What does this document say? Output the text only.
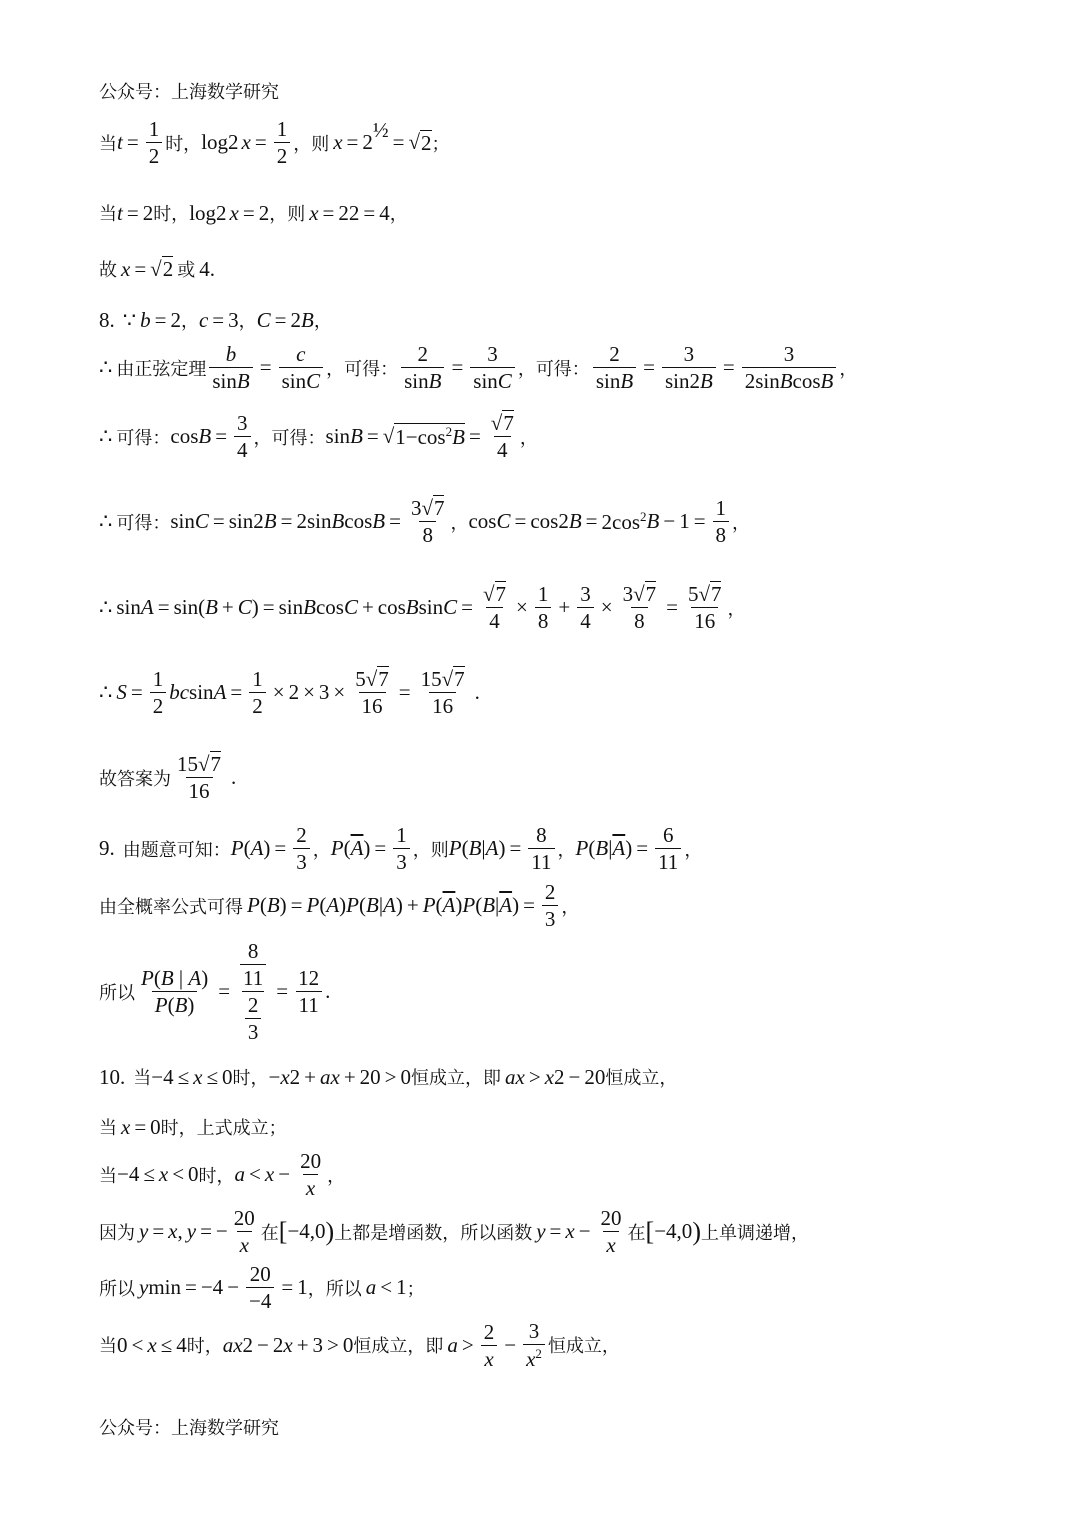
公众号：上海数学研究
当 $t = \frac{1}{2}$ 时， log 2 $x = \frac{1}{2}$ ， 则 $x = 2^{\frac{1}{2}}$ = √ 2 ；
当 t = 2 时， log 2 x = 2 ， 则 x = 2 2 = 4 ，
故 x = √ 2 或 4.
8. ∵ b = 2 ， c = 3 ， C = 2 B ，
∴ 由正弦定理 $\frac{b}{\sin B} = \frac{c}{\sin C}$ ， 可得： $\frac{2}{\sin B} = \frac{3}{\sin C}$ ， 可得： $\frac{2}{\sin B} = \frac{3}{\sin 2B} = \frac{3}{\text{2sinBcosB}}$ ，
∴ 可得： $\cos B = \frac{3}{4}$ ， 可得： sin B = √ $1-\cos^2B = \frac{√7}{4}$ ，
∴ 可得： sin C = sin2 B = 2sin B $\cos B = \frac{3√7}{8}$ ， cos C = cos2 $B = 2\cos^2$ $B - 1 = \frac{1}{8}$ ，
∴ sin A = sin( B + C ) = sin B cos C + cos B $\sin C = \frac{√7}{4} \times \frac{1}{8} + \frac{3}{4} \times \frac{3√7}{8} = \frac{5√7}{16}$ ，
∴ $S = \frac{1}{2}$ bc $\sin A = \frac{1}{2} \times 2 \times 3 \times \frac{5√7}{16} = \frac{15√7}{16}$ .
故答案为 $\frac{15√7}{16}$ .
9. 由题意可知： P ( A ) = $\frac{2}{3}$ ， P ( $\overline{A}$ ) = $\frac{1}{3}$ ， 则 P ( B | A ) = $\frac{8}{11}$ ， P ( B | $\overline{A}$ ) = $\frac{6}{11}$ ，
由全概率公式可得 P ( B ) = P ( A ) P ( B | A ) + P ( $\overline{A}$ ) P ( B | $\overline{A}$ ) = $\frac{2}{3}$ ，
所以 $\frac{P(B | A)}{P(B)} = \frac{\frac{8}{11}}{\frac{2}{3}} = \frac{12}{11}$ .
10. 当 −4 ≤ x ≤ 0 时， − x 2 + ax + 20 > 0 恒成立， 即 ax > x 2 − 20 恒成立，
当 x = 0 时， 上式成立；
当 −4 ≤ x < 0 时， $a < x - \frac{20}{x}$ ，
因为 y = x , y = − $\frac{20}{x}$ 在 [ −4,0 ) 上都是增函数， 所以函数 $y = x - \frac{20}{x}$ 在 [ −4,0 ) 上单调递增，
所以 y $\min = -4 - \frac{20}{-4} = 1$ ， 所以 a < 1 ；
当 0 < x ≤ 4 时， ax 2 − 2 x + 3 > 0 恒成立， 即 $a > \frac{2}{x} - \frac{3}{x^2}$ 恒成立，
公众号：上海数学研究
